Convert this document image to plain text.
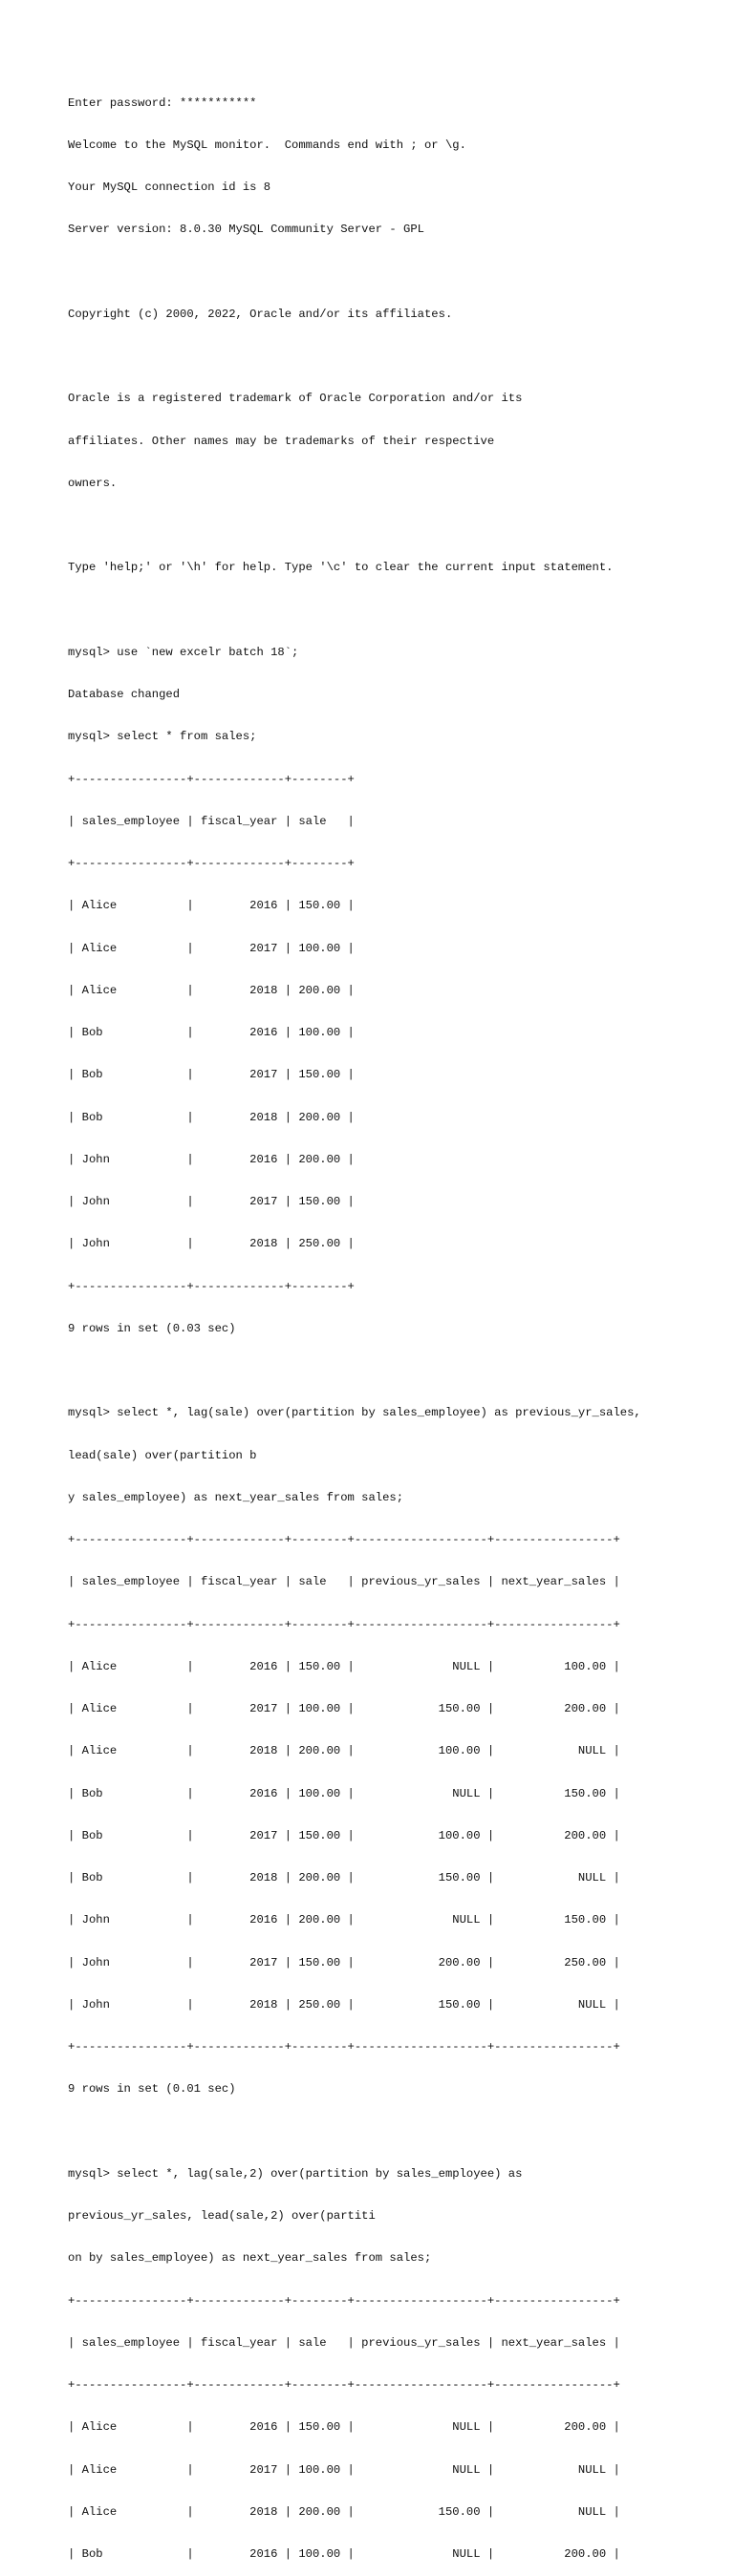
Enter password: ***********

Welcome to the MySQL monitor.  Commands end with ; or \g.

Your MySQL connection id is 8

Server version: 8.0.30 MySQL Community Server - GPL

Copyright (c) 2000, 2022, Oracle and/or its affiliates.

Oracle is a registered trademark of Oracle Corporation and/or its

affiliates. Other names may be trademarks of their respective

owners.

Type 'help;' or '\h' for help. Type '\c' to clear the current input statement.

mysql> use `new excelr batch 18`;

Database changed

mysql> select * from sales;

+----------------+-------------+--------+

| sales_employee | fiscal_year | sale   |

+----------------+-------------+--------+

| Alice          |        2016 | 150.00 |

| Alice          |        2017 | 100.00 |

| Alice          |        2018 | 200.00 |

| Bob            |        2016 | 100.00 |

| Bob            |        2017 | 150.00 |

| Bob            |        2018 | 200.00 |

| John           |        2016 | 200.00 |

| John           |        2017 | 150.00 |

| John           |        2018 | 250.00 |

+----------------+-------------+--------+

9 rows in set (0.03 sec)

mysql> select *, lag(sale) over(partition by sales_employee) as previous_yr_sales,

lead(sale) over(partition b

y sales_employee) as next_year_sales from sales;

+----------------+-------------+--------+-------------------+-----------------+

| sales_employee | fiscal_year | sale   | previous_yr_sales | next_year_sales |

+----------------+-------------+--------+-------------------+-----------------+

| Alice          |        2016 | 150.00 |              NULL |          100.00 |

| Alice          |        2017 | 100.00 |            150.00 |          200.00 |

| Alice          |        2018 | 200.00 |            100.00 |            NULL |

| Bob            |        2016 | 100.00 |              NULL |          150.00 |

| Bob            |        2017 | 150.00 |            100.00 |          200.00 |

| Bob            |        2018 | 200.00 |            150.00 |            NULL |

| John           |        2016 | 200.00 |              NULL |          150.00 |

| John           |        2017 | 150.00 |            200.00 |          250.00 |

| John           |        2018 | 250.00 |            150.00 |            NULL |

+----------------+-------------+--------+-------------------+-----------------+

9 rows in set (0.01 sec)

mysql> select *, lag(sale,2) over(partition by sales_employee) as

previous_yr_sales, lead(sale,2) over(partiti

on by sales_employee) as next_year_sales from sales;

+----------------+-------------+--------+-------------------+-----------------+

| sales_employee | fiscal_year | sale   | previous_yr_sales | next_year_sales |

+----------------+-------------+--------+-------------------+-----------------+

| Alice          |        2016 | 150.00 |              NULL |          200.00 |

| Alice          |        2017 | 100.00 |              NULL |            NULL |

| Alice          |        2018 | 200.00 |            150.00 |            NULL |

| Bob            |        2016 | 100.00 |              NULL |          200.00 |
